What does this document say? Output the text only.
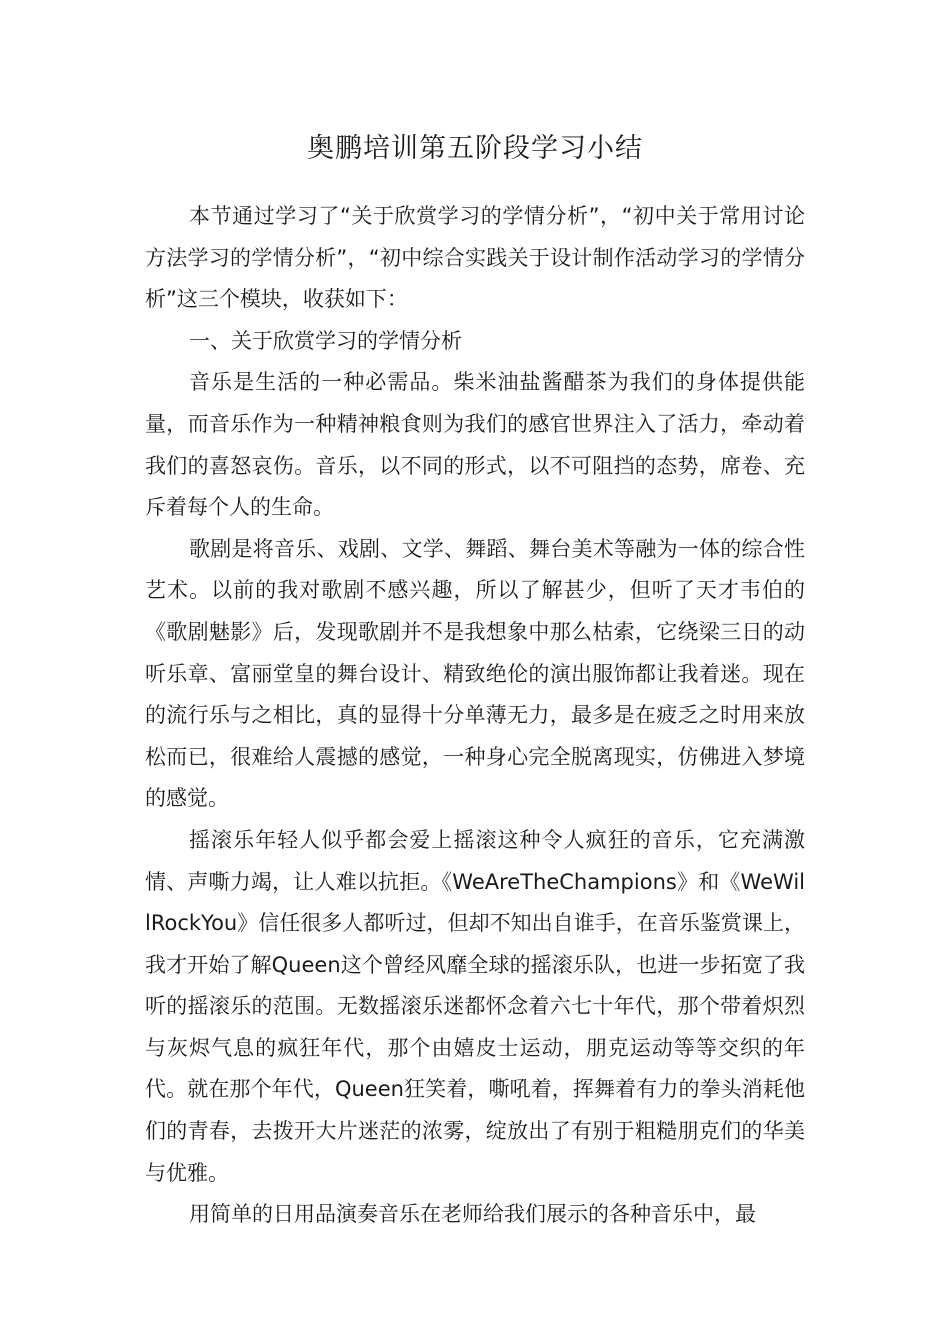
奥鹏培训第五阶段学习小结

本节通过学习了“关于欣赏学习的学情分析”，“初中关于常用讨论方法学习的学情分析”，“初中综合实践关于设计制作活动学习的学情分析”这三个模块，收获如下：

一、关于欣赏学习的学情分析

音乐是生活的一种必需品。柴米油盐酱醋茶为我们的身体提供能量，而音乐作为一种精神粮食则为我们的感官世界注入了活力，牵动着我们的喜怒哀伤。音乐，以不同的形式，以不可阻挡的态势，席卷、充斥着每个人的生命。

歌剧是将音乐、戏剧、文学、舞蹈、舞台美术等融为一体的综合性艺术。以前的我对歌剧不感兴趣，所以了解甚少，但听了天才韦伯的《歌剧魅影》后，发现歌剧并不是我想象中那么枯索，它绕梁三日的动听乐章、富丽堂皇的舞台设计、精致绝伦的演出服饰都让我着迷。现在的流行乐与之相比，真的显得十分单薄无力，最多是在疲乏之时用来放松而已，很难给人震撼的感觉，一种身心完全脱离现实，仿佛进入梦境的感觉。

摇滚乐年轻人似乎都会爱上摇滚这种令人疯狂的音乐，它充满激情、声嘶力竭，让人难以抗拒。《WeAreTheChampions》和《WeWillRockYou》信任很多人都听过，但却不知出自谁手，在音乐鉴赏课上，我才开始了解Queen这个曾经风靡全球的摇滚乐队，也进一步拓宽了我听的摇滚乐的范围。无数摇滚乐迷都怀念着六七十年代，那个带着炽烈与灰烬气息的疯狂年代，那个由嬉皮士运动，朋克运动等等交织的年代。就在那个年代，Queen狂笑着，嘶吼着，挥舞着有力的拳头消耗他们的青春，去拨开大片迷茫的浓雾，绽放出了有别于粗糙朋克们的华美与优雅。

用简单的日用品演奏音乐在老师给我们展示的各种音乐中，最
